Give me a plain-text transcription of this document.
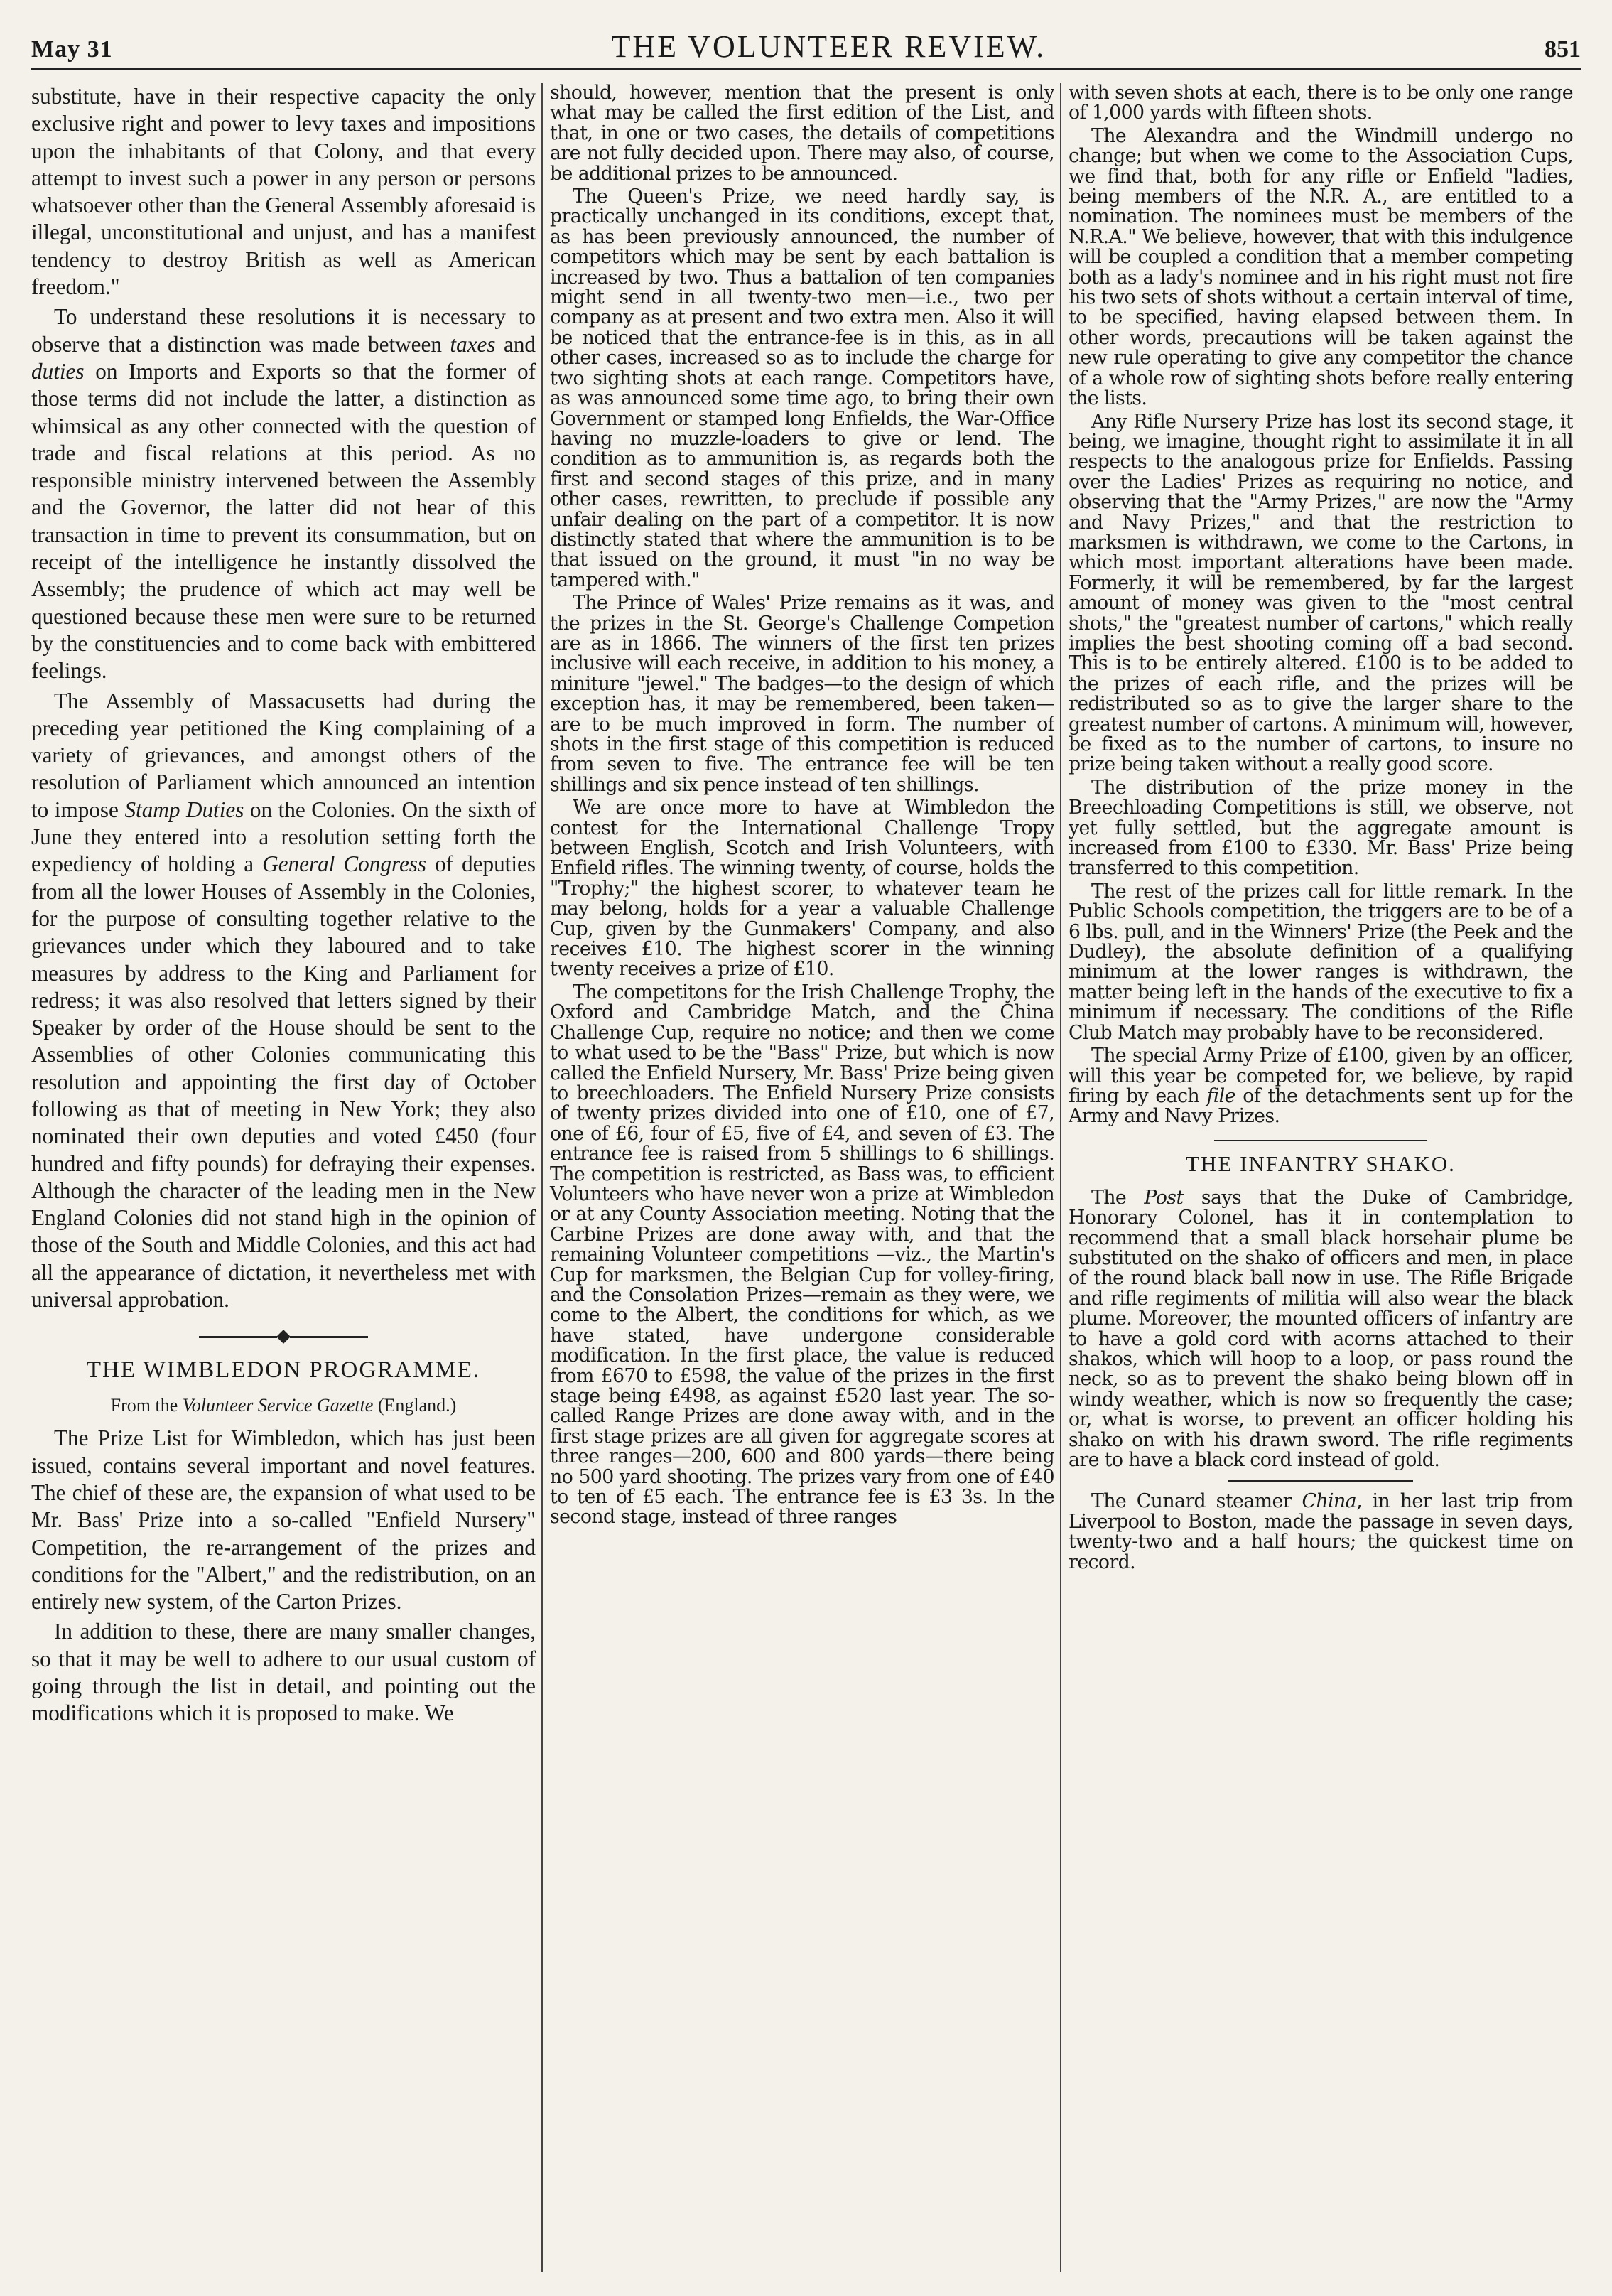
May 31	THE VOLUNTEER REVIEW.	851

substitute, have in their respective capacity the only exclusive right and power to levy taxes and impositions upon the inhabitants of that Colony, and that every attempt to invest such a power in any person or persons whatsoever other than the General Assembly aforesaid is illegal, unconstitutional and unjust, and has a manifest tendency to destroy British as well as American freedom."

To understand these resolutions it is necessary to observe that a distinction was made between taxes and duties on Imports and Exports so that the former of those terms did not include the latter, a distinction as whimsical as any other connected with the question of trade and fiscal relations at this period. As no responsible ministry intervened between the Assembly and the Governor, the latter did not hear of this transaction in time to prevent its consummation, but on receipt of the intelligence he instantly dissolved the Assembly; the prudence of which act may well be questioned because these men were sure to be returned by the constituencies and to come back with embittered feelings.

The Assembly of Massacusetts had during the preceding year petitioned the King complaining of a variety of grievances, and amongst others of the resolution of Parliament which announced an intention to impose Stamp Duties on the Colonies. On the sixth of June they entered into a resolution setting forth the expediency of holding a General Congress of deputies from all the lower Houses of Assembly in the Colonies, for the purpose of consulting together relative to the grievances under which they laboured and to take measures by address to the King and Parliament for redress; it was also resolved that letters signed by their Speaker by order of the House should be sent to the Assemblies of other Colonies communicating this resolution and appointing the first day of October following as that of meeting in New York; they also nominated their own deputies and voted £450 (four hundred and fifty pounds) for defraying their expenses. Although the character of the leading men in the New England Colonies did not stand high in the opinion of those of the South and Middle Colonies, and this act had all the appearance of dictation, it nevertheless met with universal approbation.

THE WIMBLEDON PROGRAMME.
From the Volunteer Service Gazette (England.)

The Prize List for Wimbledon, which has just been issued, contains several important and novel features. The chief of these are, the expansion of what used to be Mr. Bass' Prize into a so-called "Enfield Nursery" Competition, the re-arrangement of the prizes and conditions for the "Albert," and the redistribution, on an entirely new system, of the Carton Prizes.

In addition to these, there are many smaller changes, so that it may be well to adhere to our usual custom of going through the list in detail, and pointing out the modifications which it is proposed to make. We

should, however, mention that the present is only what may be called the first edition of the List, and that, in one or two cases, the details of competitions are not fully decided upon. There may also, of course, be additional prizes to be announced.

The Queen's Prize, we need hardly say, is practically unchanged in its conditions, except that, as has been previously announced, the number of competitors which may be sent by each battalion is increased by two. Thus a battalion of ten companies might send in all twenty-two men—i.e., two per company as at present and two extra men. Also it will be noticed that the entrance-fee is in this, as in all other cases, increased so as to include the charge for two sighting shots at each range. Competitors have, as was announced some time ago, to bring their own Government or stamped long Enfields, the War-Office having no muzzle-loaders to give or lend. The condition as to ammunition is, as regards both the first and second stages of this prize, and in many other cases, rewritten, to preclude if possible any unfair dealing on the part of a competitor. It is now distinctly stated that where the ammunition is to be that issued on the ground, it must "in no way be tampered with."

The Prince of Wales' Prize remains as it was, and the prizes in the St. George's Challenge Competion are as in 1866. The winners of the first ten prizes inclusive will each receive, in addition to his money, a miniture "jewel." The badges—to the design of which exception has, it may be remembered, been taken—are to be much improved in form. The number of shots in the first stage of this competition is reduced from seven to five. The entrance fee will be ten shillings and six pence instead of ten shillings.

We are once more to have at Wimbledon the contest for the International Challenge Tropy between English, Scotch and Irish Volunteers, with Enfield rifles. The winning twenty, of course, holds the "Trophy;" the highest scorer, to whatever team he may belong, holds for a year a valuable Challenge Cup, given by the Gunmakers' Company, and also receives £10. The highest scorer in the winning twenty receives a prize of £10.

The competitons for the Irish Challenge Trophy, the Oxford and Cambridge Match, and the China Challenge Cup, require no notice; and then we come to what used to be the "Bass" Prize, but which is now called the Enfield Nursery, Mr. Bass' Prize being given to breechloaders. The Enfield Nursery Prize consists of twenty prizes divided into one of £10, one of £7, one of £6, four of £5, five of £4, and seven of £3. The entrance fee is raised from 5 shillings to 6 shillings. The competition is restricted, as Bass was, to efficient Volunteers who have never won a prize at Wimbledon or at any County Association meeting. Noting that the Carbine Prizes are done away with, and that the remaining Volunteer competitions —viz., the Martin's Cup for marksmen, the Belgian Cup for volley-firing, and the Consolation Prizes—remain as they were, we come to the Albert, the conditions for which, as we have stated, have undergone considerable modification. In the first place, the value is reduced from £670 to £598, the value of the prizes in the first stage being £498, as against £520 last year. The so-called Range Prizes are done away with, and in the first stage prizes are all given for aggregate scores at three ranges—200, 600 and 800 yards—there being no 500 yard shooting. The prizes vary from one of £40 to ten of £5 each. The entrance fee is £3 3s. In the second stage, instead of three ranges

with seven shots at each, there is to be only one range of 1,000 yards with fifteen shots.

The Alexandra and the Windmill undergo no change; but when we come to the Association Cups, we find that, both for any rifle or Enfield "ladies, being members of the N.R. A., are entitled to a nomination. The nominees must be members of the N.R.A." We believe, however, that with this indulgence will be coupled a condition that a member competing both as a lady's nominee and in his right must not fire his two sets of shots without a certain interval of time, to be specified, having elapsed between them. In other words, precautions will be taken against the new rule operating to give any competitor the chance of a whole row of sighting shots before really entering the lists.

Any Rifle Nursery Prize has lost its second stage, it being, we imagine, thought right to assimilate it in all respects to the analogous prize for Enfields. Passing over the Ladies' Prizes as requiring no notice, and observing that the "Army Prizes," are now the "Army and Navy Prizes," and that the restriction to marksmen is withdrawn, we come to the Cartons, in which most important alterations have been made. Formerly, it will be remembered, by far the largest amount of money was given to the "most central shots," the "greatest number of cartons," which really implies the best shooting coming off a bad second. This is to be entirely altered. £100 is to be added to the prizes of each rifle, and the prizes will be redistributed so as to give the larger share to the greatest number of cartons. A minimum will, however, be fixed as to the number of cartons, to insure no prize being taken without a really good score.

The distribution of the prize money in the Breechloading Competitions is still, we observe, not yet fully settled, but the aggregate amount is increased from £100 to £330. Mr. Bass' Prize being transferred to this competition.

The rest of the prizes call for little remark. In the Public Schools competition, the triggers are to be of a 6 lbs. pull, and in the Winners' Prize (the Peek and the Dudley), the absolute definition of a qualifying minimum at the lower ranges is withdrawn, the matter being left in the hands of the executive to fix a minimum if necessary. The conditions of the Rifle Club Match may probably have to be reconsidered.

The special Army Prize of £100, given by an officer, will this year be competed for, we believe, by rapid firing by each file of the detachments sent up for the Army and Navy Prizes.

THE INFANTRY SHAKO.

The Post says that the Duke of Cambridge, Honorary Colonel, has it in contemplation to recommend that a small black horsehair plume be substituted on the shako of officers and men, in place of the round black ball now in use. The Rifle Brigade and rifle regiments of militia will also wear the black plume. Moreover, the mounted officers of infantry are to have a gold cord with acorns attached to their shakos, which will hoop to a loop, or pass round the neck, so as to prevent the shako being blown off in windy weather, which is now so frequently the case; or, what is worse, to prevent an officer holding his shako on with his drawn sword. The rifle regiments are to have a black cord instead of gold.

The Cunard steamer China, in her last trip from Liverpool to Boston, made the passage in seven days, twenty-two and a half hours; the quickest time on record.
